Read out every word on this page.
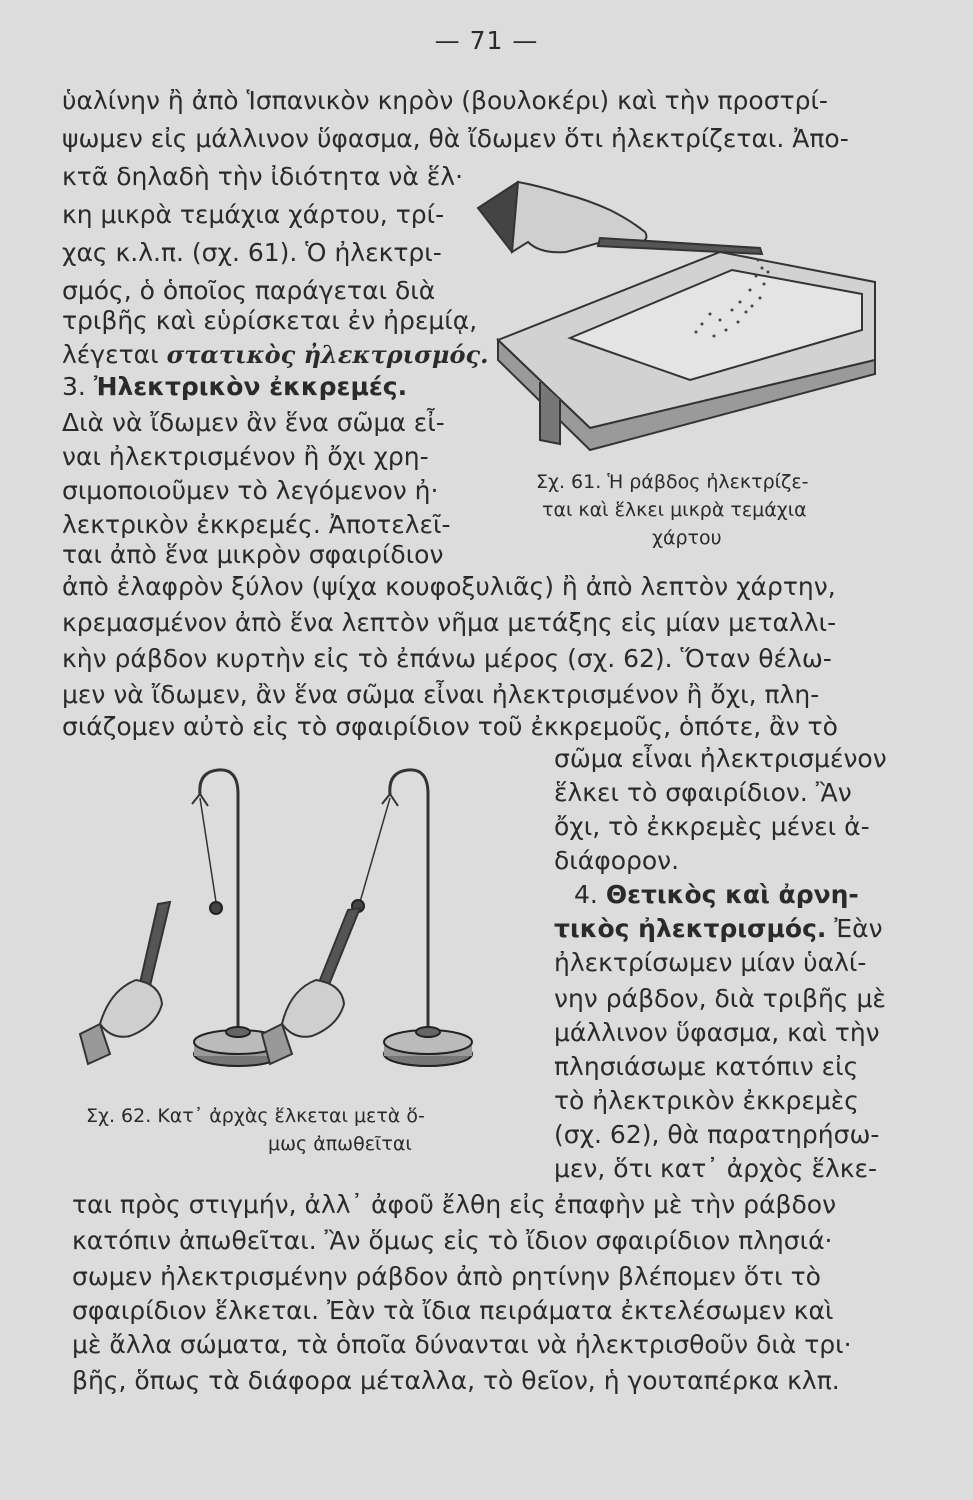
— 71 —
ὑαλίνην ἢ ἀπὸ Ἱσπανικὸν κηρὸν (βουλοκέρι) καὶ τὴν προστρί-
ψωμεν εἰς μάλλινον ὕφασμα, θὰ ἴδωμεν ὅτι ἠλεκτρίζεται. Ἀπο-
κτᾶ δηλαδὴ τὴν ἰδιότητα νὰ ἕλ·
κη μικρὰ τεμάχια χάρτου, τρί-
χας κ.λ.π. (σχ. 61). Ὁ ἠλεκτρι-
σμός, ὁ ὁποῖος παράγεται διὰ
τριβῆς καὶ εὑρίσκεται ἐν ἠρεμίᾳ,
λέγεται στατικὸς ἠλεκτρισμός.
3. Ἠλεκτρικὸν ἐκκρεμές.
Διὰ νὰ ἴδωμεν ἂν ἕνα σῶμα εἶ-
ναι ἠλεκτρισμένον ἢ ὄχι χρη-
σιμοποιοῦμεν τὸ λεγόμενον ἠ·
λεκτρικὸν ἐκκρεμές. Ἀποτελεῖ-
ται ἀπὸ ἕνα μικρὸν σφαιρίδιον
ἀπὸ ἐλαφρὸν ξύλον (ψίχα κουφοξυλιᾶς) ἢ ἀπὸ λεπτὸν χάρτην,
κρεμασμένον ἀπὸ ἕνα λεπτὸν νῆμα μετάξης εἰς μίαν μεταλλι-
κὴν ράβδον κυρτὴν εἰς τὸ ἐπάνω μέρος (σχ. 62). Ὅταν θέλω-
μεν νὰ ἴδωμεν, ἂν ἕνα σῶμα εἶναι ἠλεκτρισμένον ἢ ὄχι, πλη-
σιάζομεν αὐτὸ εἰς τὸ σφαιρίδιον τοῦ ἐκκρεμοῦς, ὁπότε, ἂν τὸ
σῶμα εἶναι ἠλεκτρισμένον
ἕλκει τὸ σφαιρίδιον. Ἂν
ὄχι, τὸ ἐκκρεμὲς μένει ἀ-
διάφορον.
4. Θετικὸς καὶ ἀρνη-
τικὸς ἠλεκτρισμός. Ἐὰν
ἠλεκτρίσωμεν μίαν ὑαλί-
νην ράβδον, διὰ τριβῆς μὲ
μάλλινον ὕφασμα, καὶ τὴν
πλησιάσωμε κατόπιν εἰς
τὸ ἠλεκτρικὸν ἐκκρεμὲς
(σχ. 62), θὰ παρατηρήσω-
μεν, ὅτι κατ᾽ ἀρχὸς ἕλκε-
ται πρὸς στιγμήν, ἀλλ᾽ ἀφοῦ ἔλθη εἰς ἐπαφὴν μὲ τὴν ράβδον
κατόπιν ἀπωθεῖται. Ἂν ὅμως εἰς τὸ ἴδιον σφαιρίδιον πλησιά·
σωμεν ἠλεκτρισμένην ράβδον ἀπὸ ρητίνην βλέπομεν ὅτι τὸ
σφαιρίδιον ἕλκεται. Ἐὰν τὰ ἴδια πειράματα ἐκτελέσωμεν καὶ
μὲ ἄλλα σώματα, τὰ ὁποῖα δύνανται νὰ ἠλεκτρισθοῦν διὰ τρι·
βῆς, ὅπως τὰ διάφορα μέταλλα, τὸ θεῖον, ἡ γουταπέρκα κλπ.
Σχ. 61. Ἡ ράβδος ἠλεκτρίζε-
ται καὶ ἕλκει μικρὰ τεμάχια
χάρτου
Σχ. 62. Κατ᾽ ἀρχὰς ἕλκεται μετὰ ὅ-
μως ἀπωθεῖται
